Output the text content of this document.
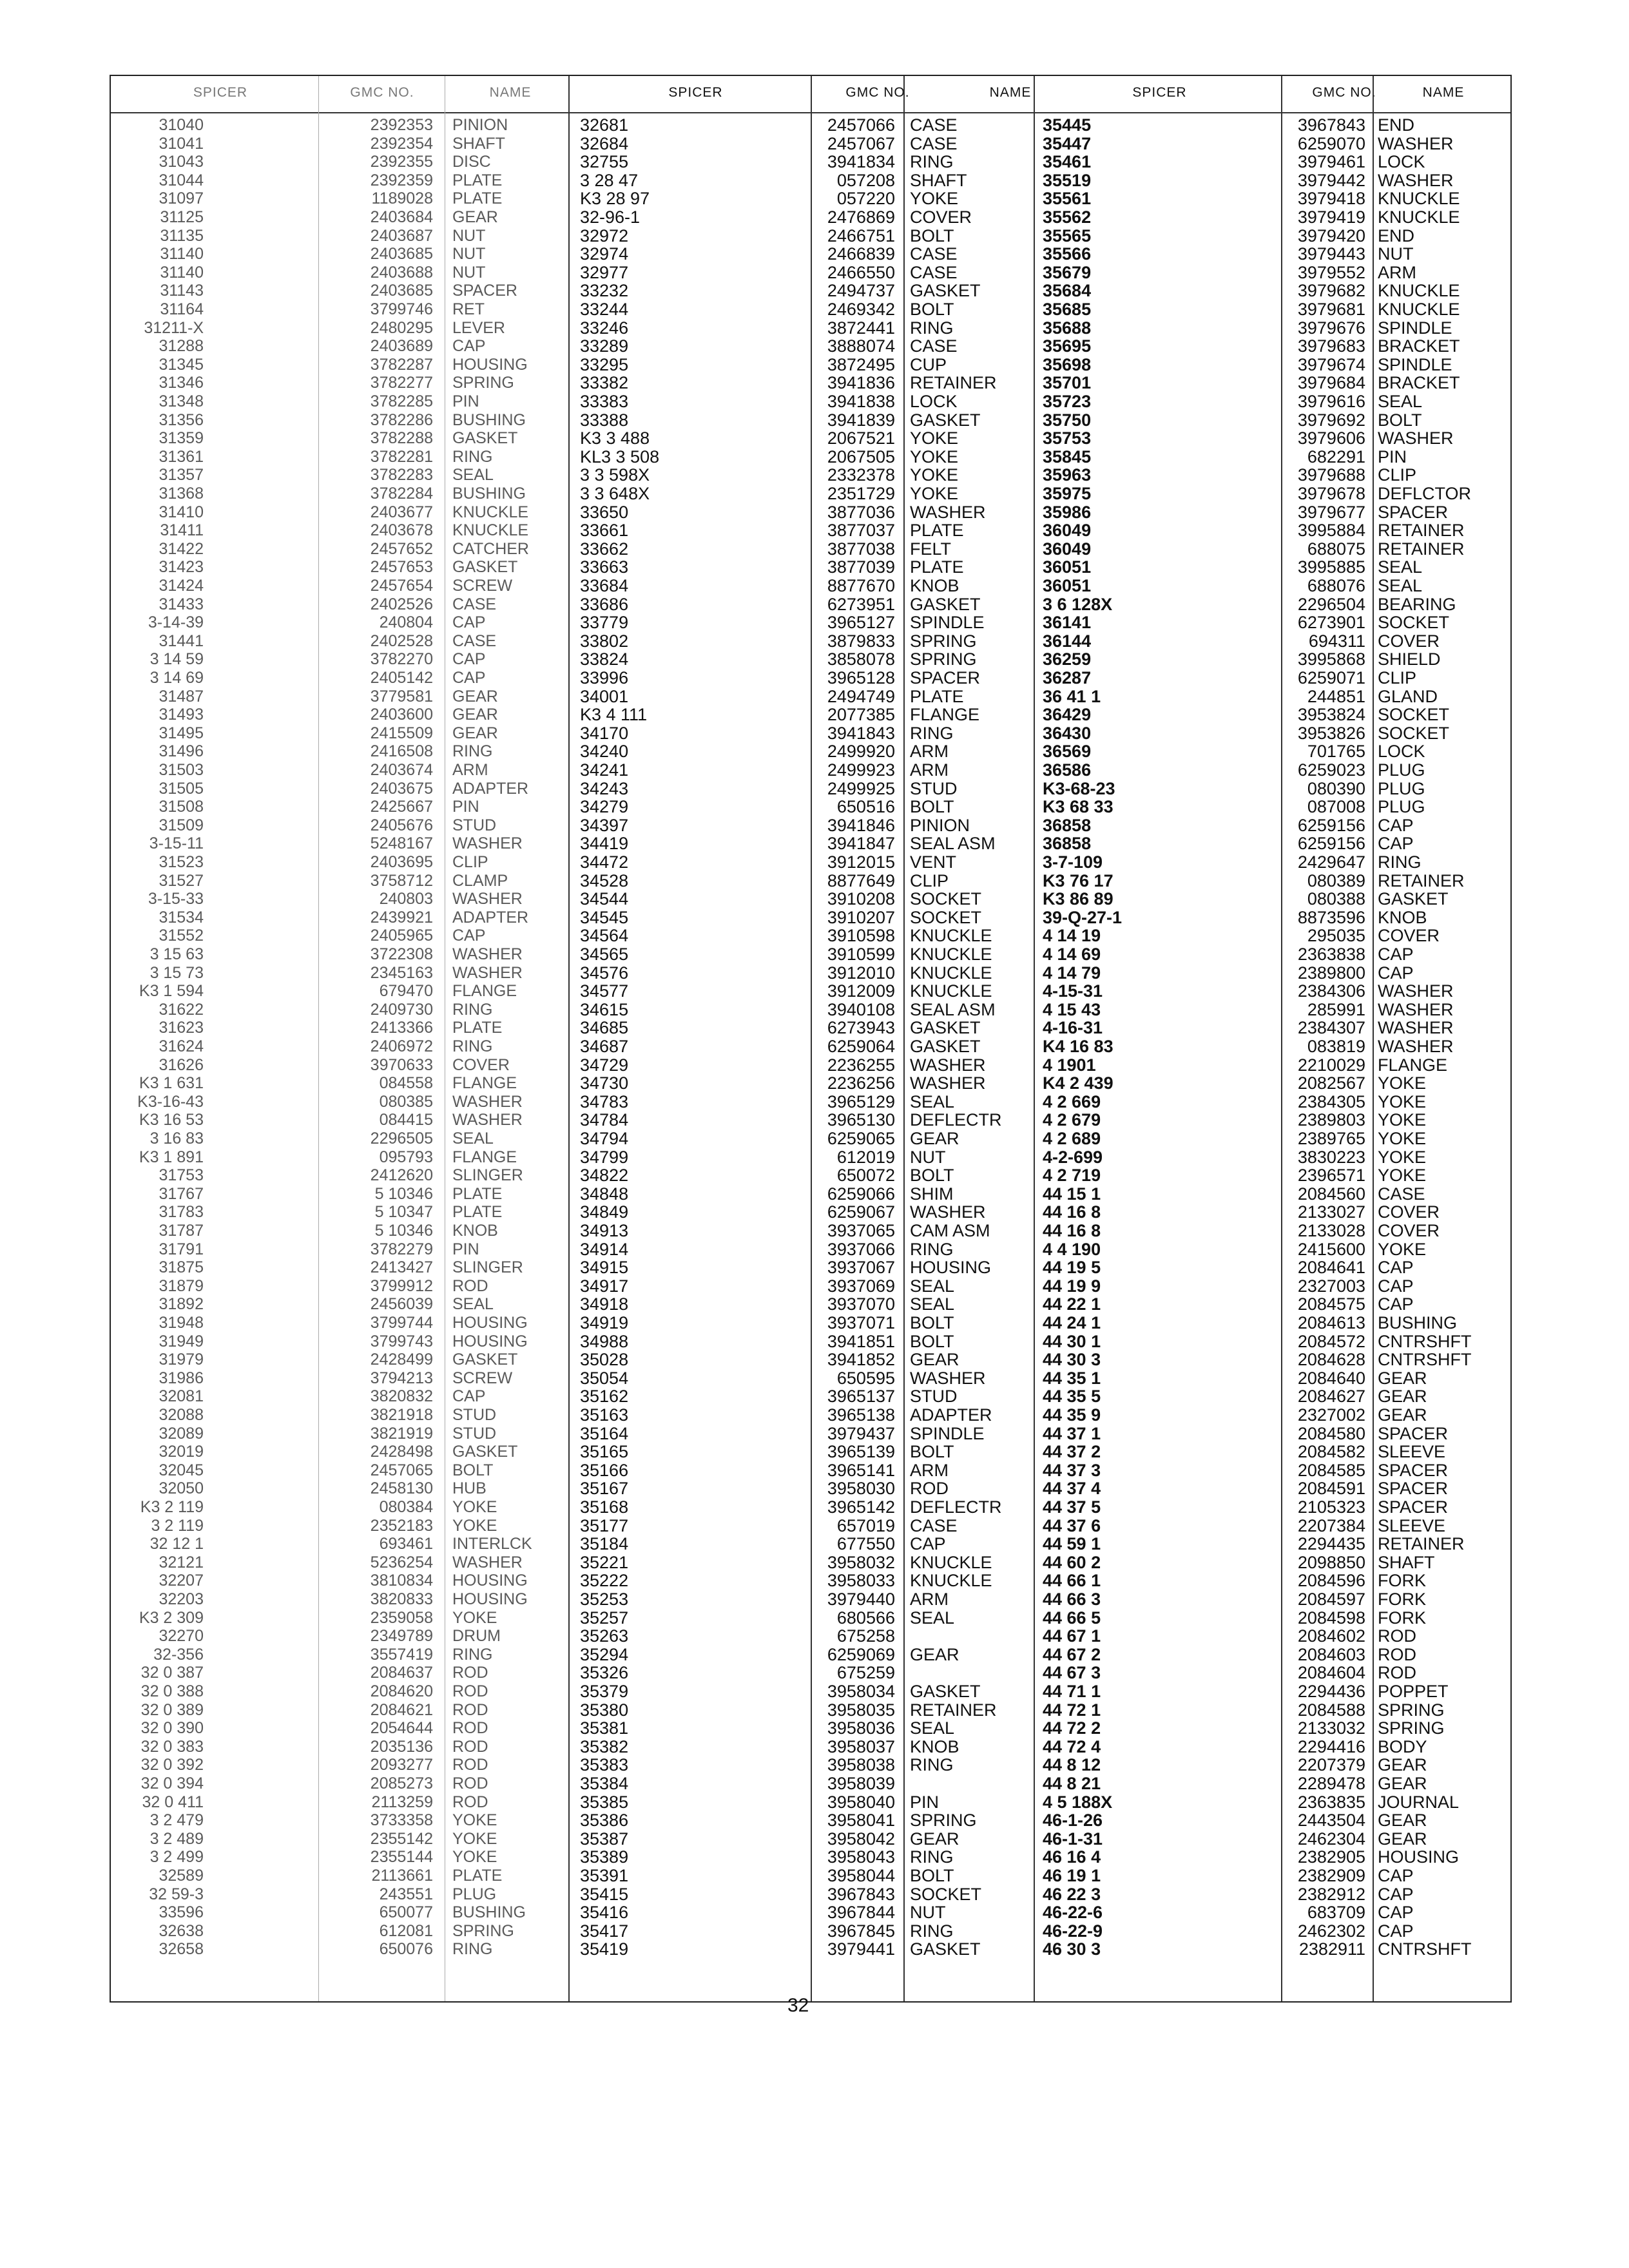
SPICER	GMC NO.	NAME	SPICER	GMC NO.	NAME	SPICER	GMC NO.	NAME
31040	2392353 PINION
31041	2392354 SHAFT
31043	2392355 DISC
31044	2392359 PLATE
31097	1189028 PLATE
31125	2403684 GEAR
31135	2403687 NUT
31140	2403685 NUT
31140	2403688 NUT
31143	2403685 SPACER
31164	3799746 RET
31211-X	2480295 LEVER
31288	2403689 CAP
31345	3782287 HOUSING
31346	3782277 SPRING
31348	3782285 PIN
31356	3782286 BUSHING
31359	3782288 GASKET
31361	3782281 RING
31357	3782283 SEAL
31368	3782284 BUSHING
31410	2403677 KNUCKLE
31411	2403678 KNUCKLE
31422	2457652 CATCHER
31423	2457653 GASKET
31424	2457654 SCREW
31433	2402526 CASE
3-14-39	240804 CAP
31441	2402528 CASE
3 14 59	3782270 CAP
3 14 69	2405142 CAP
31487	3779581 GEAR
31493	2403600 GEAR
31495	2415509 GEAR
31496	2416508 RING
31503	2403674 ARM
31505	2403675 ADAPTER
31508	2425667 PIN
31509	2405676 STUD
3-15-11	5248167 WASHER
31523	2403695 CLIP
31527	3758712 CLAMP
3-15-33	240803 WASHER
31534	2439921 ADAPTER
31552	2405965 CAP
3 15 63	3722308 WASHER
3 15 73	2345163 WASHER
K3 1 594	679470 FLANGE
31622	2409730 RING
31623	2413366 PLATE
31624	2406972 RING
31626	3970633 COVER
K3 1 631	084558 FLANGE
K3-16-43	080385 WASHER
K3 16 53	084415 WASHER
3 16 83	2296505 SEAL
K3 1 891	095793 FLANGE
31753	2412620 SLINGER
31767	5 10346 PLATE
31783	5 10347 PLATE
31787	5 10346 KNOB
31791	3782279 PIN
31875	2413427 SLINGER
31879	3799912 ROD
31892	2456039 SEAL
31948	3799744 HOUSING
31949	3799743 HOUSING
31979	2428499 GASKET
31986	3794213 SCREW
32081	3820832 CAP
32088	3821918 STUD
32089	3821919 STUD
32019	2428498 GASKET
32045	2457065 BOLT
32050	2458130 HUB
K3 2 119	080384 YOKE
3 2 119	2352183 YOKE
32 12 1	693461 INTERLCK
32121	5236254 WASHER
32207	3810834 HOUSING
32203	3820833 HOUSING
K3 2 309	2359058 YOKE
32270	2349789 DRUM
32-356	3557419 RING
32 0 387	2084637 ROD
32 0 388	2084620 ROD
32 0 389	2084621 ROD
32 0 390	2054644 ROD
32 0 383	2035136 ROD
32 0 392	2093277 ROD
32 0 394	2085273 ROD
32 0 411	2113259 ROD
3 2 479	3733358 YOKE
3 2 489	2355142 YOKE
3 2 499	2355144 YOKE
32589	2113661 PLATE
32 59-3	243551 PLUG
33596	650077 BUSHING
32638	612081 SPRING
32658	650076 RING
32681	2457066 CASE
32684	2457067 CASE
32755	3941834 RING
3 28 47	057208 SHAFT
K3 28 97	057220 YOKE
32-96-1	2476869 COVER
32972	2466751 BOLT
32974	2466839 CASE
32977	2466550 CASE
33232	2494737 GASKET
33244	2469342 BOLT
33246	3872441 RING
33289	3888074 CASE
33295	3872495 CUP
33382	3941836 RETAINER
33383	3941838 LOCK
33388	3941839 GASKET
K3 3 488	2067521 YOKE
KL3 3 508	2067505 YOKE
3 3 598X	2332378 YOKE
3 3 648X	2351729 YOKE
33650	3877036 WASHER
33661	3877037 PLATE
33662	3877038 FELT
33663	3877039 PLATE
33684	8877670 KNOB
33686	6273951 GASKET
33779	3965127 SPINDLE
33802	3879833 SPRING
33824	3858078 SPRING
33996	3965128 SPACER
34001	2494749 PLATE
K3 4 111	2077385 FLANGE
34170	3941843 RING
34240	2499920 ARM
34241	2499923 ARM
34243	2499925 STUD
34279	650516 BOLT
34397	3941846 PINION
34419	3941847 SEAL ASM
34472	3912015 VENT
34528	8877649 CLIP
34544	3910208 SOCKET
34545	3910207 SOCKET
34564	3910598 KNUCKLE
34565	3910599 KNUCKLE
34576	3912010 KNUCKLE
34577	3912009 KNUCKLE
34615	3940108 SEAL ASM
34685	6273943 GASKET
34687	6259064 GASKET
34729	2236255 WASHER
34730	2236256 WASHER
34783	3965129 SEAL
34784	3965130 DEFLECTR
34794	6259065 GEAR
34799	612019 NUT
34822	650072 BOLT
34848	6259066 SHIM
34849	6259067 WASHER
34913	3937065 CAM ASM
34914	3937066 RING
34915	3937067 HOUSING
34917	3937069 SEAL
34918	3937070 SEAL
34919	3937071 BOLT
34988	3941851 BOLT
35028	3941852 GEAR
35054	650595 WASHER
35162	3965137 STUD
35163	3965138 ADAPTER
35164	3979437 SPINDLE
35165	3965139 BOLT
35166	3965141 ARM
35167	3958030 ROD
35168	3965142 DEFLECTR
35177	657019 CASE
35184	677550 CAP
35221	3958032 KNUCKLE
35222	3958033 KNUCKLE
35253	3979440 ARM
35257	680566 SEAL
35263	675258
35294	6259069 GEAR
35326	675259
35379	3958034 GASKET
35380	3958035 RETAINER
35381	3958036 SEAL
35382	3958037 KNOB
35383	3958038 RING
35384	3958039
35385	3958040 PIN
35386	3958041 SPRING
35387	3958042 GEAR
35389	3958043 RING
35391	3958044 BOLT
35415	3967843 SOCKET
35416	3967844 NUT
35417	3967845 RING
35419	3979441 GASKET
35445	3967843 END
35447	6259070 WASHER
35461	3979461 LOCK
35519	3979442 WASHER
35561	3979418 KNUCKLE
35562	3979419 KNUCKLE
35565	3979420 END
35566	3979443 NUT
35679	3979552 ARM
35684	3979682 KNUCKLE
35685	3979681 KNUCKLE
35688	3979676 SPINDLE
35695	3979683 BRACKET
35698	3979674 SPINDLE
35701	3979684 BRACKET
35723	3979616 SEAL
35750	3979692 BOLT
35753	3979606 WASHER
35845	682291 PIN
35963	3979688 CLIP
35975	3979678 DEFLCTOR
35986	3979677 SPACER
36049	3995884 RETAINER
36049	688075 RETAINER
36051	3995885 SEAL
36051	688076 SEAL
3 6 128X	2296504 BEARING
36141	6273901 SOCKET
36144	694311 COVER
36259	3995868 SHIELD
36287	6259071 CLIP
36 41 1	244851 GLAND
36429	3953824 SOCKET
36430	3953826 SOCKET
36569	701765 LOCK
36586	6259023 PLUG
K3-68-23	080390 PLUG
K3 68 33	087008 PLUG
36858	6259156 CAP
36858	6259156 CAP
3-7-109	2429647 RING
K3 76 17	080389 RETAINER
K3 86 89	080388 GASKET
39-Q-27-1	8873596 KNOB
4 14 19	295035 COVER
4 14 69	2363838 CAP
4 14 79	2389800 CAP
4-15-31	2384306 WASHER
4 15 43	285991 WASHER
4-16-31	2384307 WASHER
K4 16 83	083819 WASHER
4 1901	2210029 FLANGE
K4 2 439	2082567 YOKE
4 2 669	2384305 YOKE
4 2 679	2389803 YOKE
4 2 689	2389765 YOKE
4-2-699	3830223 YOKE
4 2 719	2396571 YOKE
44 15 1	2084560 CASE
44 16 8	2133027 COVER
44 16 8	2133028 COVER
4 4 190	2415600 YOKE
44 19 5	2084641 CAP
44 19 9	2327003 CAP
44 22 1	2084575 CAP
44 24 1	2084613 BUSHING
44 30 1	2084572 CNTRSHFT
44 30 3	2084628 CNTRSHFT
44 35 1	2084640 GEAR
44 35 5	2084627 GEAR
44 35 9	2327002 GEAR
44 37 1	2084580 SPACER
44 37 2	2084582 SLEEVE
44 37 3	2084585 SPACER
44 37 4	2084591 SPACER
44 37 5	2105323 SPACER
44 37 6	2207384 SLEEVE
44 59 1	2294435 RETAINER
44 60 2	2098850 SHAFT
44 66 1	2084596 FORK
44 66 3	2084597 FORK
44 66 5	2084598 FORK
44 67 1	2084602 ROD
44 67 2	2084603 ROD
44 67 3	2084604 ROD
44 71 1	2294436 POPPET
44 72 1	2084588 SPRING
44 72 2	2133032 SPRING
44 72 4	2294416 BODY
44 8 12	2207379 GEAR
44 8 21	2289478 GEAR
4 5 188X	2363835 JOURNAL
46-1-26	2443504 GEAR
46-1-31	2462304 GEAR
46 16 4	2382905 HOUSING
46 19 1	2382909 CAP
46 22 3	2382912 CAP
46-22-6	683709 CAP
46-22-9	2462302 CAP
46 30 3	2382911 CNTRSHFT
32
